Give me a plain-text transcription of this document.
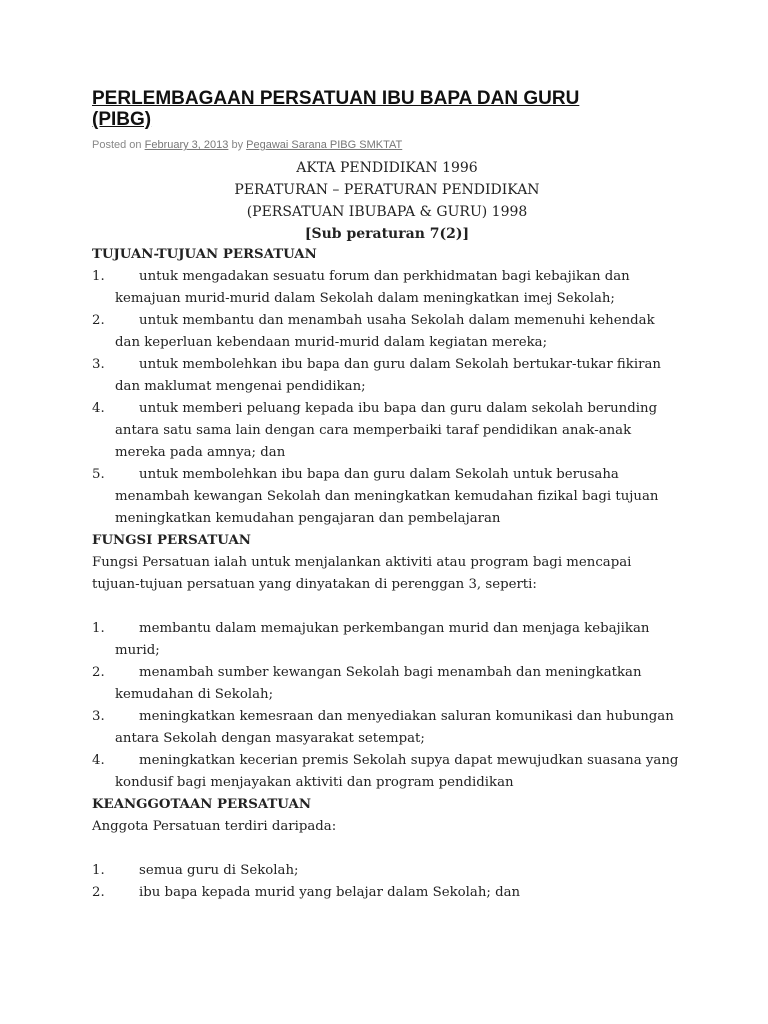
PERLEMBAGAAN PERSATUAN IBU BAPA DAN GURU (PIBG)
Posted on February 3, 2013 by Pegawai Sarana PIBG SMKTAT
AKTA PENDIDIKAN 1996
PERATURAN – PERATURAN PENDIDIKAN
(PERSATUAN IBUBAPA & GURU) 1998
[Sub peraturan 7(2)]
TUJUAN-TUJUAN PERSATUAN
1.	untuk mengadakan sesuatu forum dan perkhidmatan bagi kebajikan dan kemajuan murid-murid dalam Sekolah dalam meningkatkan imej Sekolah;
2.	untuk membantu dan menambah usaha Sekolah dalam memenuhi kehendak dan keperluan kebendaan murid-murid dalam kegiatan mereka;
3.	untuk membolehkan ibu bapa dan guru dalam Sekolah bertukar-tukar fikiran dan maklumat mengenai pendidikan;
4.	untuk memberi peluang kepada ibu bapa dan guru dalam sekolah berunding antara satu sama lain dengan cara memperbaiki taraf pendidikan anak-anak mereka pada amnya; dan
5.	untuk membolehkan ibu bapa dan guru dalam Sekolah untuk berusaha menambah kewangan Sekolah dan meningkatkan kemudahan fizikal bagi tujuan meningkatkan kemudahan pengajaran dan pembelajaran
FUNGSI PERSATUAN
Fungsi Persatuan ialah untuk menjalankan aktiviti atau program bagi mencapai tujuan-tujuan persatuan yang dinyatakan di perenggan 3, seperti:
1.	membantu dalam memajukan perkembangan murid dan menjaga kebajikan murid;
2.	menambah sumber kewangan Sekolah bagi menambah dan meningkatkan kemudahan di Sekolah;
3.	meningkatkan kemesraan dan menyediakan saluran komunikasi dan hubungan antara Sekolah dengan masyarakat setempat;
4.	meningkatkan kecerian premis Sekolah supya dapat mewujudkan suasana yang kondusif bagi menjayakan aktiviti dan program pendidikan
KEANGGOTAAN PERSATUAN
Anggota Persatuan terdiri daripada:
1.	semua guru di Sekolah;
2.	ibu bapa kepada murid yang belajar dalam Sekolah; dan
